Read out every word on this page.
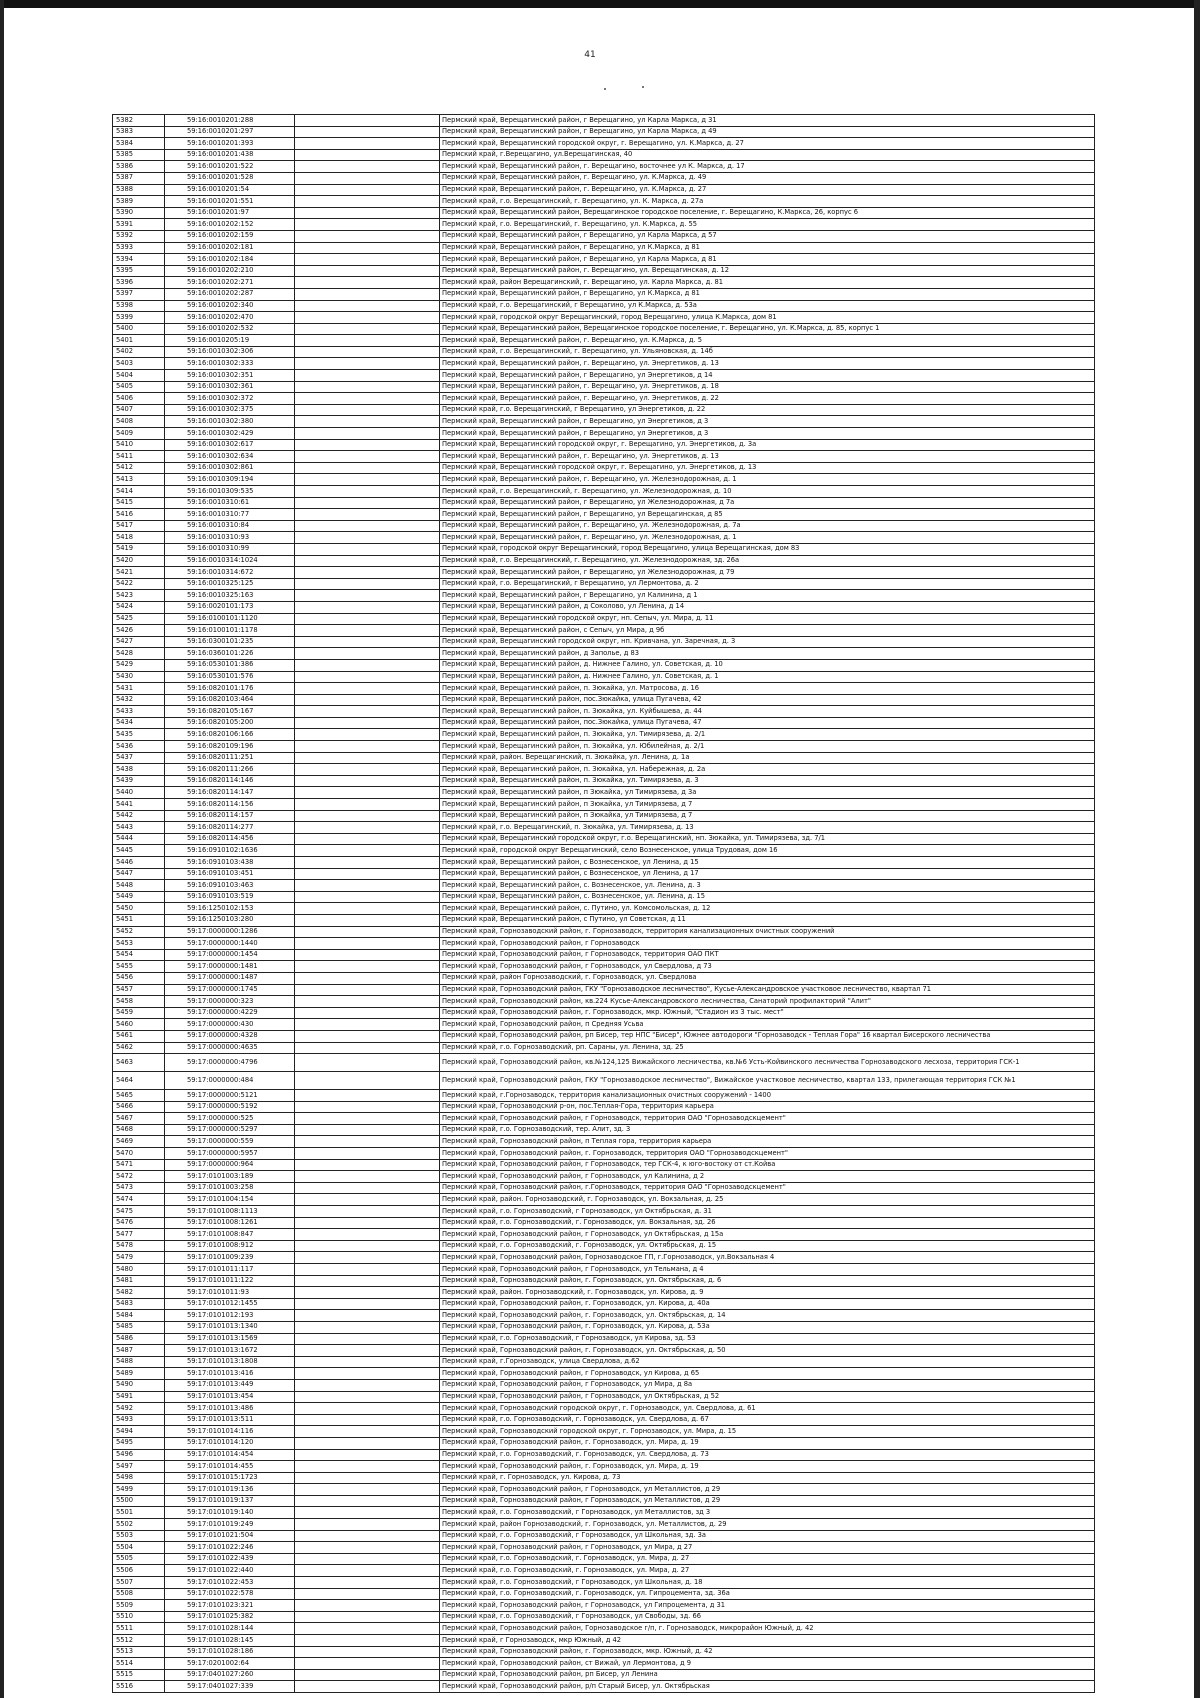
41
5382	59:16:0010201:288		Пермский край, Верещагинский район, г Верещагино, ул Карла Маркса, д 31
5383	59:16:0010201:297		Пермский край, Верещагинский район, г Верещагино, ул Карла Маркса, д 49
5384	59:16:0010201:393		Пермский край, Верещагинский городской округ, г. Верещагино, ул. К.Маркса, д. 27
5385	59:16:0010201:438		Пермский край, г.Верещагино, ул.Верещагинская, 40
5386	59:16:0010201:522		Пермский край, Верещагинский район, г. Верещагино, восточнее ул К. Маркса, д. 17
5387	59:16:0010201:528		Пермский край, Верещагинский район, г. Верещагино, ул. К.Маркса, д. 49
5388	59:16:0010201:54		Пермский край, Верещагинский район, г. Верещагино, ул. К.Маркса, д. 27
5389	59:16:0010201:551		Пермский край, г.о. Верещагинский, г. Верещагино, ул. К. Маркса, д. 27а
5390	59:16:0010201:97		Пермский край, Верещагинский район, Верещагинское городское поселение, г. Верещагино, К.Маркса, 26, корпус 6
5391	59:16:0010202:152		Пермский край, г.о. Верещагинский, г. Верещагино, ул. К.Маркса, д. 55
5392	59:16:0010202:159		Пермский край, Верещагинский район, г Верещагино, ул Карла Маркса, д 57
5393	59:16:0010202:181		Пермский край, Верещагинский район, г Верещагино, ул К.Маркса, д 81
5394	59:16:0010202:184		Пермский край, Верещагинский район, г Верещагино, ул Карла Маркса, д 81
5395	59:16:0010202:210		Пермский край, Верещагинский район, г. Верещагино, ул. Верещагинская, д. 12
5396	59:16:0010202:271		Пермский край, район Верещагинский, г. Верещагино, ул. Карла Маркса, д. 81
5397	59:16:0010202:287		Пермский край, Верещагинский район, г Верещагино, ул К.Маркса, д 81
5398	59:16:0010202:340		Пермский край, г.о. Верещагинский, г Верещагино, ул К.Маркса, д. 53а
5399	59:16:0010202:470		Пермский край, городской округ Верещагинский, город Верещагино, улица К.Маркса, дом 81
5400	59:16:0010202:532		Пермский край, Верещагинский район, Верещагинское городское поселение, г. Верещагино, ул. К.Маркса, д. 85, корпус 1
5401	59:16:0010205:19		Пермский край, Верещагинский район, г. Верещагино, ул. К.Маркса, д. 5
5402	59:16:0010302:306		Пермский край, г.о. Верещагинский, г. Верещагино, ул. Ульяновская, д. 14б
5403	59:16:0010302:333		Пермский край, Верещагинский район, г. Верещагино, ул. Энергетиков, д. 13
5404	59:16:0010302:351		Пермский край, Верещагинский район, г Верещагино, ул Энергетиков, д 14
5405	59:16:0010302:361		Пермский край, Верещагинский район, г. Верещагино, ул. Энергетиков, д. 18
5406	59:16:0010302:372		Пермский край, Верещагинский район, г. Верещагино, ул. Энергетиков, д. 22
5407	59:16:0010302:375		Пермский край, г.о. Верещагинский, г Верещагино, ул Энергетиков, д. 22
5408	59:16:0010302:380		Пермский край, Верещагинский район, г Верещагино, ул Энергетиков, д 3
5409	59:16:0010302:429		Пермский край, Верещагинский район, г Верещагино, ул Энергетиков, д 3
5410	59:16:0010302:617		Пермский край, Верещагинский городской округ, г. Верещагино, ул. Энергетиков, д. 3а
5411	59:16:0010302:634		Пермский край, Верещагинский район, г. Верещагино, ул. Энергетиков, д. 13
5412	59:16:0010302:861		Пермский край, Верещагинский городской округ, г. Верещагино, ул. Энергетиков, д. 13
5413	59:16:0010309:194		Пермский край, Верещагинский район, г. Верещагино, ул. Железнодорожная, д. 1
5414	59:16:0010309:535		Пермский край, г.о. Верещагинский, г. Верещагино, ул. Железнодорожная, д. 10
5415	59:16:0010310:61		Пермский край, Верещагинский район, г Верещагино, ул Железнодорожная, д 7а
5416	59:16:0010310:77		Пермский край, Верещагинский район, г Верещагино, ул Верещагинская, д 85
5417	59:16:0010310:84		Пермский край, Верещагинский район, г. Верещагино, ул. Железнодорожная, д. 7а
5418	59:16:0010310:93		Пермский край, Верещагинский район, г. Верещагино, ул. Железнодорожная, д. 1
5419	59:16:0010310:99		Пермский край, городской округ Верещагинский, город Верещагино, улица Верещагинская, дом 83
5420	59:16:0010314:1024		Пермский край, г.о. Верещагинский, г. Верещагино, ул. Железнодорожная, зд. 26а
5421	59:16:0010314:672		Пермский край, Верещагинский район, г Верещагино, ул Железнодорожная, д 79
5422	59:16:0010325:125		Пермский край, г.о. Верещагинский, г Верещагино, ул Лермонтова, д. 2
5423	59:16:0010325:163		Пермский край, Верещагинский район, г Верещагино, ул Калинина, д 1
5424	59:16:0020101:173		Пермский край, Верещагинский район, д Соколово, ул Ленина, д 14
5425	59:16:0100101:1120		Пермский край, Верещагинский городской округ, нп. Сепыч, ул. Мира, д. 11
5426	59:16:0100101:1178		Пермский край, Верещагинский район, с Сепыч, ул Мира, д 9б
5427	59:16:0300101:235		Пермский край, Верещагинский городской округ, нп. Кривчана, ул. Заречная, д. 3
5428	59:16:0360101:226		Пермский край, Верещагинский район, д Заполье, д 83
5429	59:16:0530101:386		Пермский край, Верещагинский район, д. Нижнее Галино, ул. Советская, д. 10
5430	59:16:0530101:576		Пермский край, Верещагинский район, д. Нижнее Галино, ул. Советская, д. 1
5431	59:16:0820101:176		Пермский край, Верещагинский район, п. Зюкайка, ул. Матросова, д. 16
5432	59:16:0820103:464		Пермский край, Верещагинский район, пос.Зюкайка, улица Пугачева, 42
5433	59:16:0820105:167		Пермский край, Верещагинский район, п. Зюкайка, ул. Куйбышева, д. 44
5434	59:16:0820105:200		Пермский край, Верещагинский район, пос.Зюкайка, улица Пугачева, 47
5435	59:16:0820106:166		Пермский край, Верещагинский район, п. Зюкайка, ул. Тимирязева, д. 2/1
5436	59:16:0820109:196		Пермский край, Верещагинский район, п. Зюкайка, ул. Юбилейная, д. 2/1
5437	59:16:0820111:251		Пермский край, район. Верещагинский, п. Зюкайка, ул. Ленина, д. 1а
5438	59:16:0820111:266		Пермский край, Верещагинский район, п. Зюкайка, ул. Набережная, д. 2а
5439	59:16:0820114:146		Пермский край, Верещагинский район, п. Зюкайка, ул. Тимирязева, д. 3
5440	59:16:0820114:147		Пермский край, Верещагинский район, п Зюкайка, ул Тимирязева, д 3а
5441	59:16:0820114:156		Пермский край, Верещагинский район, п Зюкайка, ул Тимирязева, д 7
5442	59:16:0820114:157		Пермский край, Верещагинский район, п Зюкайка, ул Тимирязева, д 7
5443	59:16:0820114:277		Пермский край, г.о. Верещагинский, п. Зюкайка, ул. Тимирязева, д. 13
5444	59:16:0820114:456		Пермский край, Верещагинский городской округ, г.о. Верещагинский, нп. Зюкайка, ул. Тимирязева, зд. 7/1
5445	59:16:0910102:1636		Пермский край, городской округ Верещагинский, село Вознесенское, улица Трудовая, дом 16
5446	59:16:0910103:438		Пермский край, Верещагинский район, с Вознесенское, ул Ленина, д 15
5447	59:16:0910103:451		Пермский край, Верещагинский район, с Вознесенское, ул Ленина, д 17
5448	59:16:0910103:463		Пермский край, Верещагинский район, с. Вознесенское, ул. Ленина, д. 3
5449	59:16:0910103:519		Пермский край, Верещагинский район, с. Вознесенское, ул. Ленина, д. 15
5450	59:16:1250102:153		Пермский край, Верещагинский район, с. Путино, ул. Комсомольская, д. 12
5451	59:16:1250103:280		Пермский край, Верещагинский район, с Путино, ул Советская, д 11
5452	59:17:0000000:1286		Пермский край, Горнозаводский район, г. Горнозаводск, территория канализационных очистных сооружений
5453	59:17:0000000:1440		Пермский край, Горнозаводский район, г Горнозаводск
5454	59:17:0000000:1454		Пермский край, Горнозаводский район, г Горнозаводск, территория ОАО ПКТ
5455	59:17:0000000:1481		Пермский край, Горнозаводский район, г Горнозаводск, ул Свердлова, д 73
5456	59:17:0000000:1487		Пермский край, район Горнозаводский, г. Горнозаводск, ул. Свердлова
5457	59:17:0000000:1745		Пермский край, Горнозаводский район, ГКУ "Горнозаводское лесничество", Кусье-Александровское участковое лесничество, квартал 71
5458	59:17:0000000:323		Пермский край, Горнозаводский район, кв.224 Кусье-Александровского лесничества, Санаторий профилакторий "Алит"
5459	59:17:0000000:4229		Пермский край, Горнозаводский район, г. Горнозаводск, мкр. Южный, "Стадион из 3 тыс. мест"
5460	59:17:0000000:430		Пермский край, Горнозаводский район, п Средняя Усьва
5461	59:17:0000000:4328		Пермский край, Горнозаводский район, рп Бисер, тер НПС "Бисер", Южнее автодороги "Горнозаводск - Теплая Гора" 16 квартал Бисерского лесничества
5462	59:17:0000000:4635		Пермский край, г.о. Горнозаводский, рп. Сараны, ул. Ленина, зд. 25
5463	59:17:0000000:4796		Пермский край, Горнозаводский район, кв.№124,125 Вижайского лесничества, кв.№6 Усть-Койвинского лесничества Горнозаводского лесхоза, территория ГСК-1
5464	59:17:0000000:484		Пермский край, Горнозаводский район, ГКУ "Горнозаводское лесничество", Вижайское участковое лесничество, квартал 133, прилегающая территория ГСК №1
5465	59:17:0000000:5121		Пермский край, г.Горнозаводск, территория канализационных очистных сооружений - 1400
5466	59:17:0000000:5192		Пермский край, Горнозаводский р-он, пос.Теплая-Гора, территория карьера
5467	59:17:0000000:525		Пермский край, Горнозаводский район, г Горнозаводск, территория ОАО "Горнозаводскцемент"
5468	59:17:0000000:5297		Пермский край, г.о. Горнозаводский, тер. Алит, зд. 3
5469	59:17:0000000:559		Пермский край, Горнозаводский район, п Теплая гора, территория карьера
5470	59:17:0000000:5957		Пермский край, Горнозаводский район, г. Горнозаводск, территория ОАО "Горнозаводскцемент"
5471	59:17:0000000:964		Пермский край, Горнозаводский район, г Горнозаводск, тер ГСК-4, к юго-востоку от ст.Койва
5472	59:17:0101003:189		Пермский край, Горнозаводский район, г Горнозаводск, ул Калинина, д 2
5473	59:17:0101003:258		Пермский край, Горнозаводский район, г.Горнозаводск, территория ОАО "Горнозаводскцемент"
5474	59:17:0101004:154		Пермский край, район. Горнозаводский, г. Горнозаводск, ул. Вокзальная, д. 25
5475	59:17:0101008:1113		Пермский край, г.о. Горнозаводский, г Горнозаводск, ул Октябрьская, д. 31
5476	59:17:0101008:1261		Пермский край, г.о. Горнозаводский, г. Горнозаводск, ул. Вокзальная, зд. 26
5477	59:17:0101008:847		Пермский край, Горнозаводский район, г Горнозаводск, ул Октябрьская, д 15а
5478	59:17:0101008:912		Пермский край, г.о. Горнозаводский, г. Горнозаводск, ул. Октябрьская, д. 15
5479	59:17:0101009:239		Пермский край, Горнозаводский район, Горнозаводское ГП, г.Горнозаводск, ул.Вокзальная 4
5480	59:17:0101011:117		Пермский край, Горнозаводский район, г Горнозаводск, ул Тельмана, д 4
5481	59:17:0101011:122		Пермский край, Горнозаводский район, г. Горнозаводск, ул. Октябрьская, д. 6
5482	59:17:0101011:93		Пермский край, район. Горнозаводский, г. Горнозаводск, ул. Кирова, д. 9
5483	59:17:0101012:1455		Пермский край, Горнозаводский район, г. Горнозаводск, ул. Кирова, д. 40а
5484	59:17:0101012:193		Пермский край, Горнозаводский район, г. Горнозаводск, ул. Октябрьская, д. 14
5485	59:17:0101013:1340		Пермский край, Горнозаводский район, г. Горнозаводск, ул. Кирова, д. 53а
5486	59:17:0101013:1569		Пермский край, г.о. Горнозаводский, г Горнозаводск, ул Кирова, зд. 53
5487	59:17:0101013:1672		Пермский край, Горнозаводский район, г. Горнозаводск, ул. Октябрьская, д. 50
5488	59:17:0101013:1808		Пермский край, г.Горнозаводск, улица Свердлова, д.62
5489	59:17:0101013:416		Пермский край, Горнозаводский район, г Горнозаводск, ул Кирова, д 65
5490	59:17:0101013:449		Пермский край, Горнозаводский район, г Горнозаводск, ул Мира, д 8а
5491	59:17:0101013:454		Пермский край, Горнозаводский район, г Горнозаводск, ул Октябрьская, д 52
5492	59:17:0101013:486		Пермский край, Горнозаводский городской округ, г. Горнозаводск, ул. Свердлова, д. 61
5493	59:17:0101013:511		Пермский край, г.о. Горнозаводский, г. Горнозаводск, ул. Свердлова, д. 67
5494	59:17:0101014:116		Пермский край, Горнозаводский городской округ, г. Горнозаводск, ул. Мира, д. 15
5495	59:17:0101014:120		Пермский край, Горнозаводский район, г. Горнозаводск, ул. Мира, д. 19
5496	59:17:0101014:454		Пермский край, г.о. Горнозаводский, г. Горнозаводск, ул. Свердлова, д. 73
5497	59:17:0101014:455		Пермский край, Горнозаводский район, г. Горнозаводск, ул. Мира, д. 19
5498	59:17:0101015:1723		Пермский край, г. Горнозаводск, ул. Кирова, д. 73
5499	59:17:0101019:136		Пермский край, Горнозаводский район, г Горнозаводск, ул Металлистов, д 29
5500	59:17:0101019:137		Пермский край, Горнозаводский район, г Горнозаводск, ул Металлистов, д 29
5501	59:17:0101019:140		Пермский край, г.о. Горнозаводский, г Горнозаводск, ул Металлистов, зд 3
5502	59:17:0101019:249		Пермский край, район Горнозаводский, г. Горнозаводск, ул. Металлистов, д. 29
5503	59:17:0101021:504		Пермский край, г.о. Горнозаводский, г Горнозаводск, ул Школьная, зд. 3а
5504	59:17:0101022:246		Пермский край, Горнозаводский район, г Горнозаводск, ул Мира, д 27
5505	59:17:0101022:439		Пермский край, г.о. Горнозаводский, г. Горнозаводск, ул. Мира, д. 27
5506	59:17:0101022:440		Пермский край, г.о. Горнозаводский, г. Горнозаводск, ул. Мира, д. 27
5507	59:17:0101022:453		Пермский край, г.о. Горнозаводский, г Горнозаводск, ул Школьная, д. 18
5508	59:17:0101022:578		Пермский край, г.о. Горнозаводский, г. Горнозаводск, ул. Гипроцемента, зд. 36а
5509	59:17:0101023:321		Пермский край, Горнозаводский район, г Горнозаводск, ул Гипроцемента, д 31
5510	59:17:0101025:382		Пермский край, г.о. Горнозаводский, г Горнозаводск, ул Свободы, зд. 66
5511	59:17:0101028:144		Пермский край, Горнозаводский район, Горнозаводское г/п, г. Горнозаводск, микрорайон Южный, д. 42
5512	59:17:0101028:145		Пермский край, г Горнозаводск, мкр Южный, д 42
5513	59:17:0101028:186		Пермский край, Горнозаводский район, г. Горнозаводск, мкр. Южный, д. 42
5514	59:17:0201002:64		Пермский край, Горнозаводский район, ст Вижай, ул Лермонтова, д 9
5515	59:17:0401027:260		Пермский край, Горнозаводский район, рп Бисер, ул Ленина
5516	59:17:0401027:339		Пермский край, Горнозаводский район, р/п Старый Бисер, ул. Октябрьская
